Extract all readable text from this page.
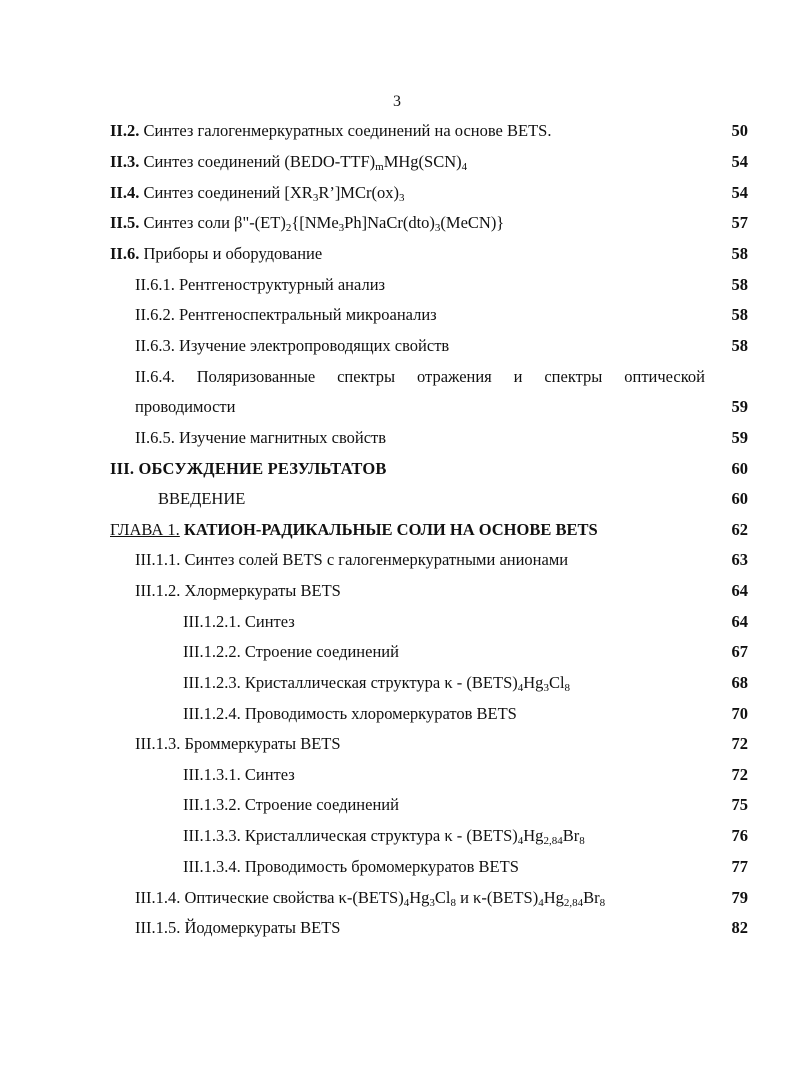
3
II.2. Синтез галогенмеркуратных соединений на основе BETS.	50
II.3. Синтез соединений $(BEDO-TTF)_mMHg(SCN)_4$	54
II.4. Синтез соединений $[XR_3R’]MCr(ox)_3$	54
II.5. Синтез соли $\beta"-(ET)_2\{[NMe_3Ph]NaCr(dto)_3(MeCN)\}$	57
II.6. Приборы и оборудование	58
II.6.1. Рентгеноструктурный анализ	58
II.6.2. Рентгеноспектральный микроанализ	58
II.6.3. Изучение электропроводящих свойств	58
II.6.4. Поляризованные спектры отражения и спектры оптической
проводимости	59
II.6.5. Изучение магнитных свойств	59
III. ОБСУЖДЕНИЕ РЕЗУЛЬТАТОВ	60
ВВЕДЕНИЕ	60
ГЛАВА 1. КАТИОН-РАДИКАЛЬНЫЕ СОЛИ НА ОСНОВЕ BETS	62
III.1.1. Синтез солей BETS с галогенмеркуратными анионами	63
III.1.2. Хлормеркураты BETS	64
III.1.2.1. Синтез	64
III.1.2.2. Строение соединений	67
III.1.2.3. Кристаллическая структура κ - $(BETS)_4Hg_3Cl_8$	68
III.1.2.4. Проводимость хлоромеркуратов BETS	70
III.1.3. Броммеркураты BETS	72
III.1.3.1. Синтез	72
III.1.3.2. Строение соединений	75
III.1.3.3. Кристаллическая структура κ - $(BETS)_4Hg_{2,84}Br_8$	76
III.1.3.4. Проводимость бромомеркуратов BETS	77
III.1.4. Оптические свойства $\kappa-(BETS)_4Hg_3Cl_8$ и $\kappa-(BETS)_4Hg_{2,84}Br_8$	79
III.1.5. Йодомеркураты BETS	82
